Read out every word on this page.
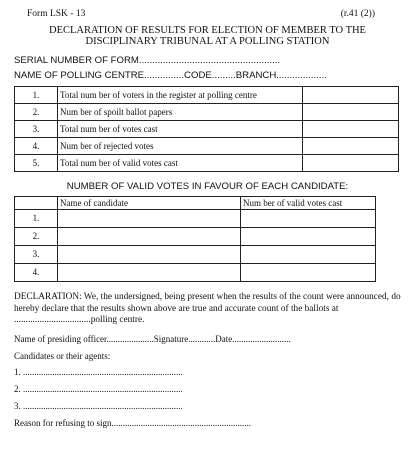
Form LSK - 13	(r.41 (2))
DECLARATION OF RESULTS FOR ELECTION OF MEMBER TO THE
DISCIPLINARY TRIBUNAL AT A POLLING STATION
SERIAL NUMBER OF FORM.....................................................
NAME OF POLLING CENTRE...............CODE.........BRANCH...................
1.	Total num ber of voters in the register at polling centre	
2.	Num ber of spoilt ballot papers	
3.	Total num ber of votes cast	
4.	Num ber of rejected votes	
5.	Total num ber of valid votes cast	
NUMBER OF VALID VOTES IN FAVOUR OF EACH CANDIDATE:
	Name of candidate	Num ber of valid votes cast
1.		
2.		
3.		
4.		
DECLARATION: We, the undersigned, being present when the results of the count were announced, do hereby declare that the results shown above are true and accurate count of the ballots at .................................polling centre.
Name of presiding officer.....................Signature............Date..........................
Candidates or their agents:
1. .......................................................................
2. .......................................................................
3. .......................................................................
Reason for refusing to sign..............................................................
